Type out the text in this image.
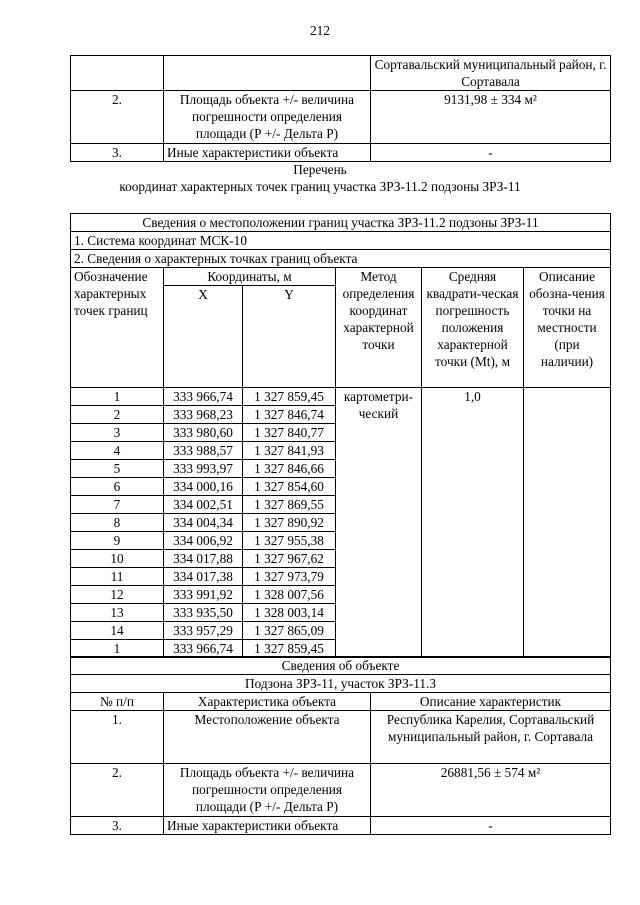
212
		Сортавальский муниципальный район, г. Сортавала
2.	Площадь объекта +/- величина погрешности определения площади (Р +/- Дельта Р)	9131,98 ± 334 м²
3.	Иные характеристики объекта	-
Перечень
координат характерных точек границ участка ЗРЗ-11.2 подзоны ЗРЗ-11
Сведения о местоположении границ участка ЗРЗ-11.2 подзоны ЗРЗ-11					
1. Система координат МСК-10					
2. Сведения о характерных точках границ объекта					
Обозначение характерных точек границ	Координаты, м		Метод определения координат характерной точки	Средняя квадрати-ческая погрешность положения характерной точки (Mt), м	Описание обозна-чения точки на местности (при наличии)
	X	Y			
1	333 966,74	1 327 859,45	картометри-ческий	1,0	
2	333 968,23	1 327 846,74			
3	333 980,60	1 327 840,77			
4	333 988,57	1 327 841,93			
5	333 993,97	1 327 846,66			
6	334 000,16	1 327 854,60			
7	334 002,51	1 327 869,55			
8	334 004,34	1 327 890,92			
9	334 006,92	1 327 955,38			
10	334 017,88	1 327 967,62			
11	334 017,38	1 327 973,79			
12	333 991,92	1 328 007,56			
13	333 935,50	1 328 003,14			
14	333 957,29	1 327 865,09			
1	333 966,74	1 327 859,45			
Сведения об объекте		
Подзона ЗРЗ-11, участок ЗРЗ-11.3		
№ п/п	Характеристика объекта	Описание характеристик
1.	Местоположение объекта	Республика Карелия, Сортавальский муниципальный район, г. Сортавала
2.	Площадь объекта +/- величина погрешности определения площади (Р +/- Дельта Р)	26881,56 ± 574 м²
3.	Иные характеристики объекта	-
